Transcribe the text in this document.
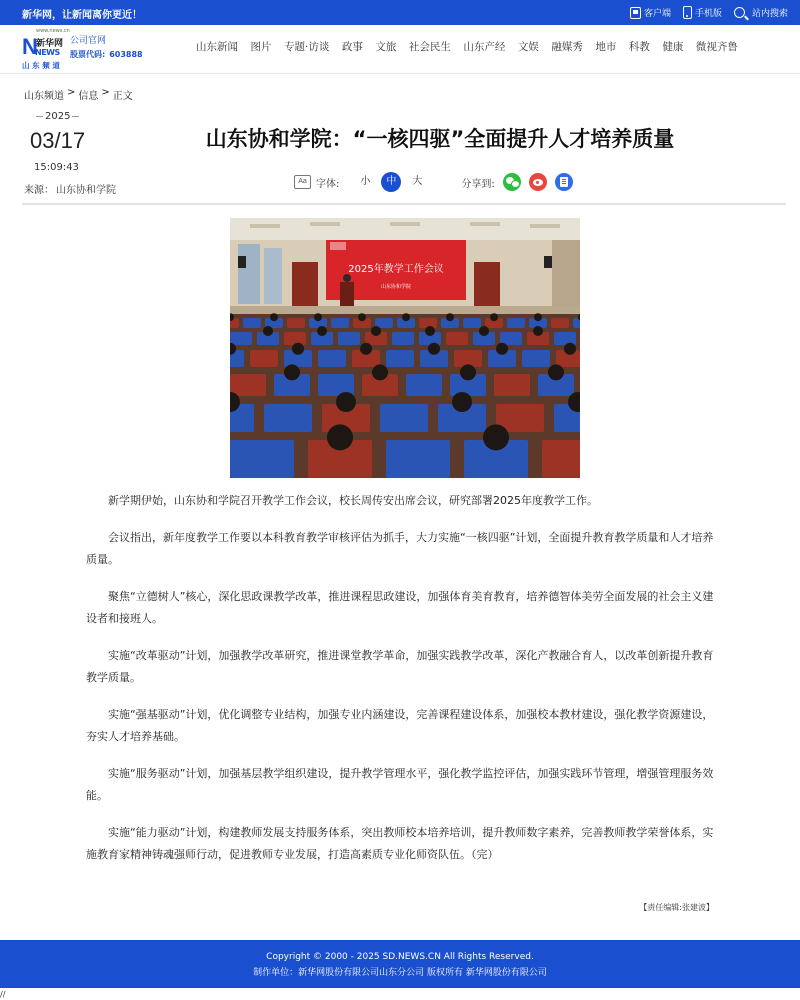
新华网，让新闻离你更近！	客户端	手机版	站内搜索
www.news.cn
N
新华网
NEWS
山 东 频 道
公司官网
股票代码: 603888
山东新闻 图片 专题·访谈 政事 文旅 社会民生 山东产经 文娱 融媒秀 地市 科教 健康 微视齐鲁
山东频道 > 信息 > 正文
2025
03/17
15:09:43
来源： 山东协和学院
山东协和学院：“一核四驱”全面提升人才培养质量
Aa 字体:	小	中	大	分享到:
2025年教学工作会议
山东协和学院

新学期伊始，山东协和学院召开教学工作会议，校长周传安出席会议，研究部署2025年度教学工作。

会议指出，新年度教学工作要以本科教育教学审核评估为抓手，大力实施“一核四驱”计划，全面提升教育教学质量和人才培养质量。

聚焦“立德树人”核心，深化思政课教学改革，推进课程思政建设，加强体育美育教育，培养德智体美劳全面发展的社会主义建设者和接班人。

实施“改革驱动”计划，加强教学改革研究，推进课堂教学革命，加强实践教学改革，深化产教融合育人，以改革创新提升教育教学质量。

实施“强基驱动”计划，优化调整专业结构，加强专业内涵建设，完善课程建设体系，加强校本教材建设，强化教学资源建设，夯实人才培养基础。

实施“服务驱动”计划，加强基层教学组织建设，提升教学管理水平，强化教学监控评估，加强实践环节管理，增强管理服务效能。

实施“能力驱动”计划，构建教师发展支持服务体系，突出教师校本培养培训，提升教师数字素养，完善教师教学荣誉体系，实施教育家精神铸魂强师行动，促进教师专业发展，打造高素质专业化师资队伍。（完）

【责任编辑:张建波】
Copyright © 2000 - 2025 SD.NEWS.CN All Rights Reserved.
制作单位：新华网股份有限公司山东分公司 版权所有 新华网股份有限公司
//
